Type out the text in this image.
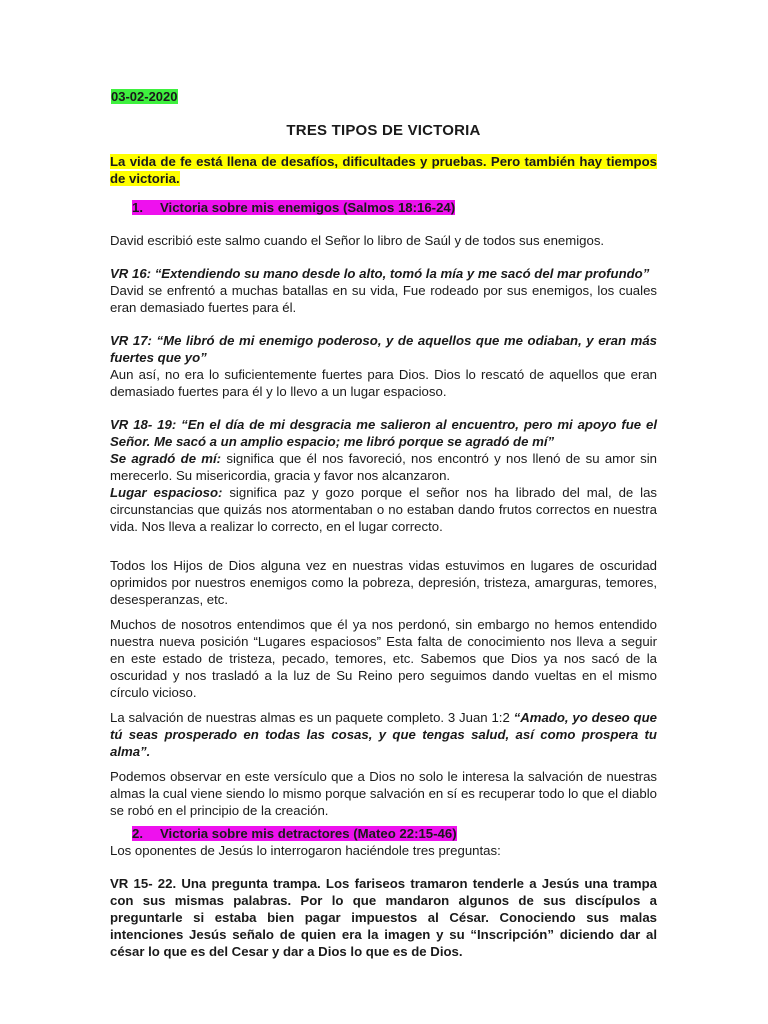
03-02-2020

TRES TIPOS DE VICTORIA

La vida de fe está llena de desafíos, dificultades y pruebas. Pero también hay tiempos de victoria.

1. Victoria sobre mis enemigos (Salmos 18:16-24)

David escribió este salmo cuando el Señor lo libro de Saúl y de todos sus enemigos.

VR 16: “Extendiendo su mano desde lo alto, tomó la mía y me sacó del mar profundo”

David se enfrentó a muchas batallas en su vida, Fue rodeado por sus enemigos, los cuales eran demasiado fuertes para él.

VR 17: “Me libró de mi enemigo poderoso, y de aquellos que me odiaban, y eran más fuertes que yo”

Aun así, no era lo suficientemente fuertes para Dios. Dios lo rescató de aquellos que eran demasiado fuertes para él y lo llevo a un lugar espacioso.

VR 18- 19: “En el día de mi desgracia me salieron al encuentro, pero mi apoyo fue el Señor. Me sacó a un amplio espacio; me libró porque se agradó de mí”

Se agradó de mí: significa que él nos favoreció, nos encontró y nos llenó de su amor sin merecerlo. Su misericordia, gracia y favor nos alcanzaron.

Lugar espacioso: significa paz y gozo porque el señor nos ha librado del mal, de las circunstancias que quizás nos atormentaban o no estaban dando frutos correctos en nuestra vida. Nos lleva a realizar lo correcto, en el lugar correcto.

Todos los Hijos de Dios alguna vez en nuestras vidas estuvimos en lugares de oscuridad oprimidos por nuestros enemigos como la pobreza, depresión, tristeza, amarguras, temores, desesperanzas, etc.

Muchos de nosotros entendimos que él ya nos perdonó, sin embargo no hemos entendido nuestra nueva posición “Lugares espaciosos” Esta falta de conocimiento nos lleva a seguir en este estado de tristeza, pecado, temores, etc. Sabemos que Dios ya nos sacó de la oscuridad y nos trasladó a la luz de Su Reino pero seguimos dando vueltas en el mismo círculo vicioso.

La salvación de nuestras almas es un paquete completo. 3 Juan 1:2 “Amado, yo deseo que tú seas prosperado en todas las cosas, y que tengas salud, así como prospera tu alma”.

Podemos observar en este versículo que a Dios no solo le interesa la salvación de nuestras almas la cual viene siendo lo mismo porque salvación en sí es recuperar todo lo que el diablo se robó en el principio de la creación.

2. Victoria sobre mis detractores (Mateo 22:15-46)

Los oponentes de Jesús lo interrogaron haciéndole tres preguntas:

VR 15- 22. Una pregunta trampa. Los fariseos tramaron tenderle a Jesús una trampa con sus mismas palabras. Por lo que mandaron algunos de sus discípulos a preguntarle si estaba bien pagar impuestos al César. Conociendo sus malas intenciones Jesús señalo de quien era la imagen y su “Inscripción” diciendo dar al césar lo que es del Cesar y dar a Dios lo que es de Dios.
